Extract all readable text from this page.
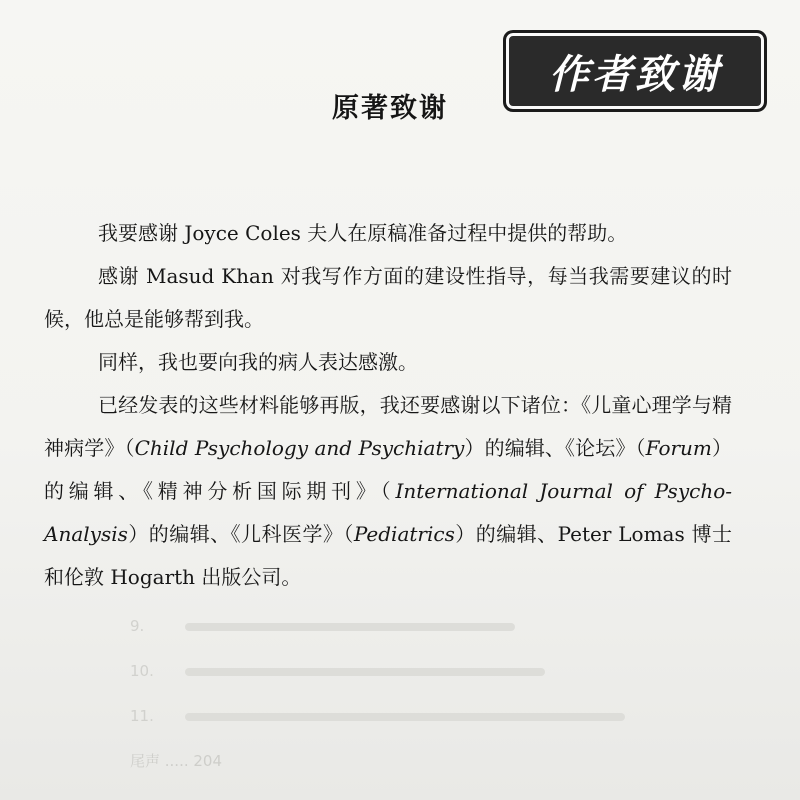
作者致谢
原著致谢

我要感谢 Joyce Coles 夫人在原稿准备过程中提供的帮助。

感谢 Masud Khan 对我写作方面的建设性指导，每当我需要建议的时候，他总是能够帮到我。

同样，我也要向我的病人表达感激。

已经发表的这些材料能够再版，我还要感谢以下诸位：《儿童心理学与精神病学》（Child Psychology and Psychiatry）的编辑、《论坛》（Forum）的编辑、《精神分析国际期刊》（International Journal of Psycho-Analysis）的编辑、《儿科医学》（Pediatrics）的编辑、Peter Lomas 博士和伦敦 Hogarth 出版公司。

9.
10.
11.
尾声 ..... 204
